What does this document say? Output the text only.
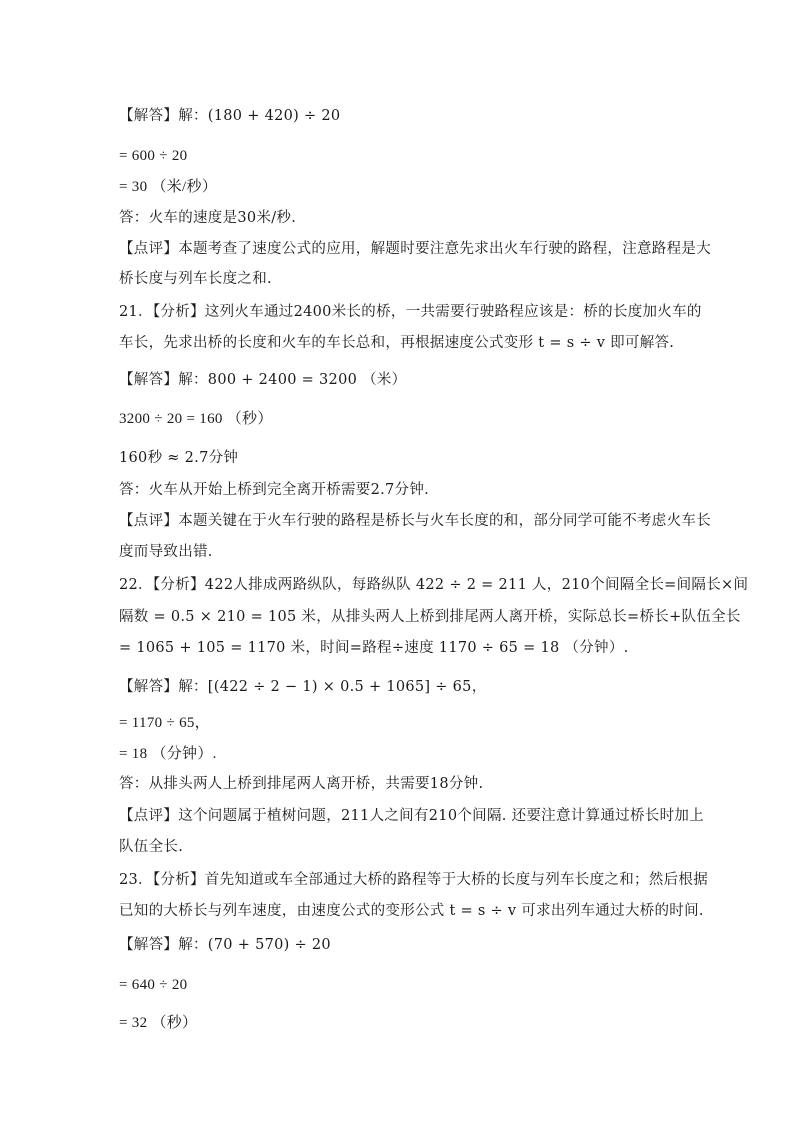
【解答】解：(180 + 420) ÷ 20
= 600 ÷ 20
= 30 （米/秒）
答：火车的速度是30米/秒.
【点评】本题考查了速度公式的应用，解题时要注意先求出火车行驶的路程，注意路程是大
桥长度与列车长度之和.
21．【分析】这列火车通过2400米长的桥，一共需要行驶路程应该是：桥的长度加火车的
车长，先求出桥的长度和火车的车长总和，再根据速度公式变形 t = s ÷ v 即可解答.
【解答】解：800 + 2400 = 3200 （米）
3200 ÷ 20 = 160 （秒）
160秒 ≈ 2.7分钟
答：火车从开始上桥到完全离开桥需要2.7分钟.
【点评】本题关键在于火车行驶的路程是桥长与火车长度的和，部分同学可能不考虑火车长
度而导致出错.
22．【分析】422人排成两路纵队，每路纵队 422 ÷ 2 = 211 人，210个间隔全长=间隔长×间
隔数 = 0.5 × 210 = 105 米，从排头两人上桥到排尾两人离开桥，实际总长=桥长+队伍全长
= 1065 + 105 = 1170 米，时间=路程÷速度 1170 ÷ 65 = 18 （分钟）.
【解答】解：[(422 ÷ 2 − 1) × 0.5 + 1065] ÷ 65，
= 1170 ÷ 65，
= 18 （分钟）.
答：从排头两人上桥到排尾两人离开桥，共需要18分钟.
【点评】这个问题属于植树问题，211人之间有210个间隔. 还要注意计算通过桥长时加上
队伍全长.
23．【分析】首先知道或车全部通过大桥的路程等于大桥的长度与列车长度之和；然后根据
已知的大桥长与列车速度，由速度公式的变形公式 t = s ÷ v 可求出列车通过大桥的时间.
【解答】解：(70 + 570) ÷ 20
= 640 ÷ 20
= 32 （秒）
